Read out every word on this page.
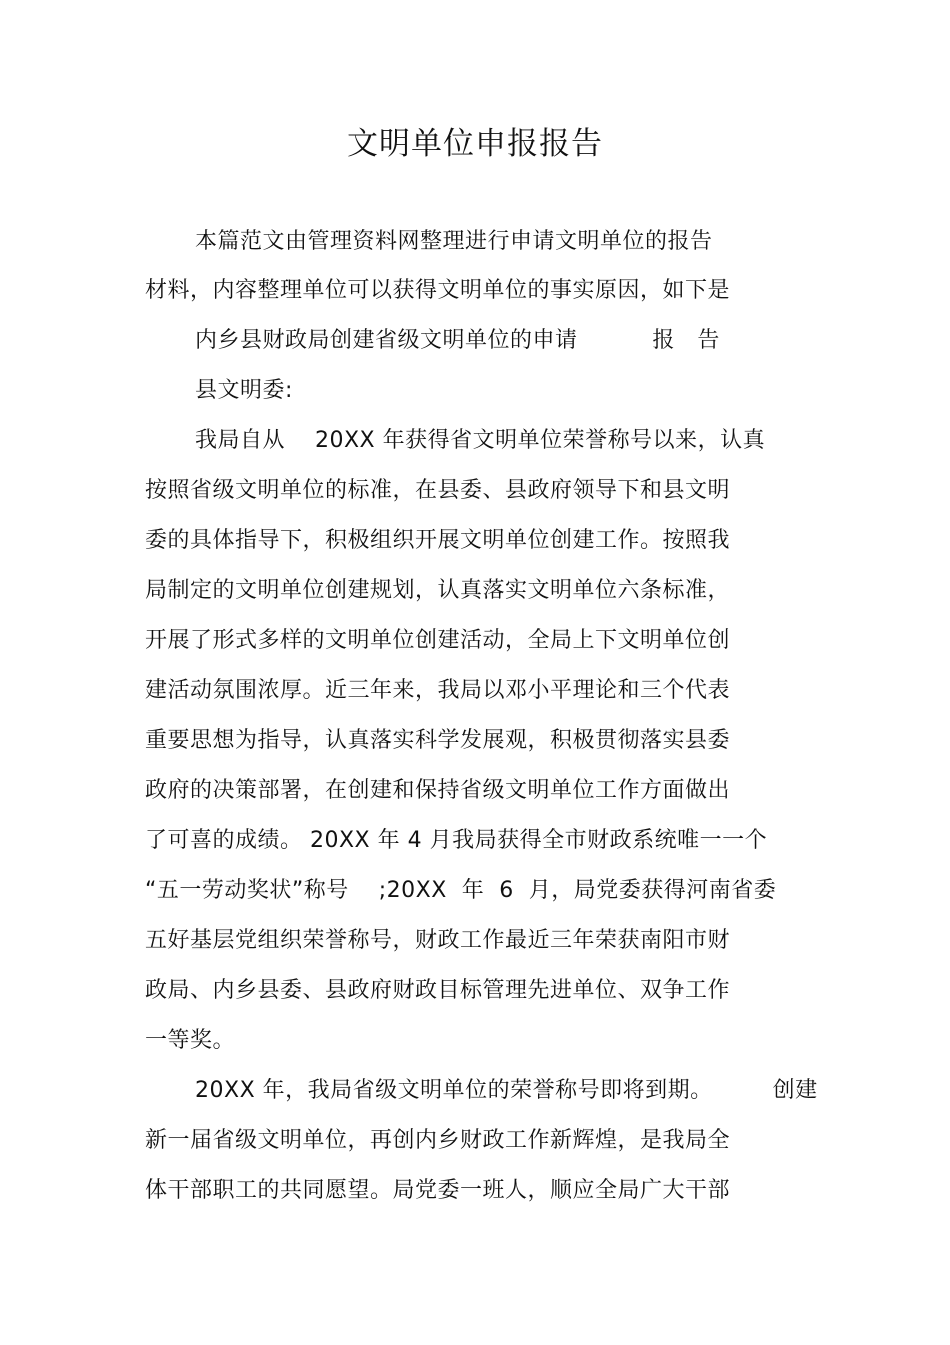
文明单位申报报告
本篇范文由管理资料网整理进行申请文明单位的报告
材料，内容整理单位可以获得文明单位的事实原因，如下是
内乡县财政局创建省级文明单位的申请          报   告
县文明委:
我局自从    20XX 年获得省文明单位荣誉称号以来，认真
按照省级文明单位的标准，在县委、县政府领导下和县文明
委的具体指导下，积极组织开展文明单位创建工作。按照我
局制定的文明单位创建规划，认真落实文明单位六条标准，
开展了形式多样的文明单位创建活动，全局上下文明单位创
建活动氛围浓厚。近三年来，我局以邓小平理论和三个代表
重要思想为指导，认真落实科学发展观，积极贯彻落实县委
政府的决策部署，在创建和保持省级文明单位工作方面做出
了可喜的成绩。 20XX 年 4 月我局获得全市财政系统唯一一个
“五一劳动奖状”称号    ;20XX  年  6  月，局党委获得河南省委
五好基层党组织荣誉称号，财政工作最近三年荣获南阳市财
政局、内乡县委、县政府财政目标管理先进单位、双争工作
一等奖。
20XX 年，我局省级文明单位的荣誉称号即将到期。        创建
新一届省级文明单位，再创内乡财政工作新辉煌，是我局全
体干部职工的共同愿望。局党委一班人，顺应全局广大干部
